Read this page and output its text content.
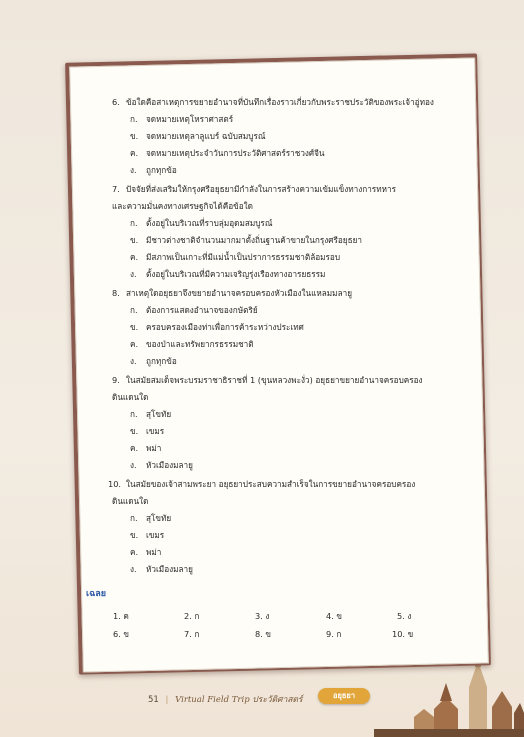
6. ข้อใดคือสาเหตุการขยายอำนาจที่บันทึกเรื่องราวเกี่ยวกับพระราชประวัติของพระเจ้าอู่ทอง
ก. จดหมายเหตุโหราศาสตร์
ข. จดหมายเหตุลาลูแบร์ ฉบับสมบูรณ์
ค. จดหมายเหตุประจำวันการประวัติศาสตร์ราชวงศ์จีน
ง. ถูกทุกข้อ
7. ปัจจัยที่ส่งเสริมให้กรุงศรีอยุธยามีกำลังในการสร้างความเข้มแข็งทางการทหาร
และความมั่นคงทางเศรษฐกิจได้คือข้อใด
ก. ตั้งอยู่ในบริเวณที่ราบลุ่มอุดมสมบูรณ์
ข. มีชาวต่างชาติจำนวนมากมาตั้งถิ่นฐานค้าขายในกรุงศรีอยุธยา
ค. มีสภาพเป็นเกาะที่มีแม่น้ำเป็นปราการธรรมชาติล้อมรอบ
ง. ตั้งอยู่ในบริเวณที่มีความเจริญรุ่งเรืองทางอารยธรรม
8. สาเหตุใดอยุธยาจึงขยายอำนาจครอบครองหัวเมืองในแหลมมลายู
ก. ต้องการแสดงอำนาจของกษัตริย์
ข. ครอบครองเมืองท่าเพื่อการค้าระหว่างประเทศ
ค. ของป่าและทรัพยากรธรรมชาติ
ง. ถูกทุกข้อ
9. ในสมัยสมเด็จพระบรมราชาธิราชที่ 1 (ขุนหลวงพะงั่ว) อยุธยาขยายอำนาจครอบครอง
ดินแดนใด
ก. สุโขทัย
ข. เขมร
ค. พม่า
ง. หัวเมืองมลายู
10. ในสมัยของเจ้าสามพระยา อยุธยาประสบความสำเร็จในการขยายอำนาจครอบครอง
ดินแดนใด
ก. สุโขทัย
ข. เขมร
ค. พม่า
ง. หัวเมืองมลายู
เฉลย
1. ค	2. ก	3. ง	4. ข	5. ง
6. ข	7. ก	8. ข	9. ก	10. ข
51 | Virtual Field Trip ประวัติศาสตร์	อยุธยา
